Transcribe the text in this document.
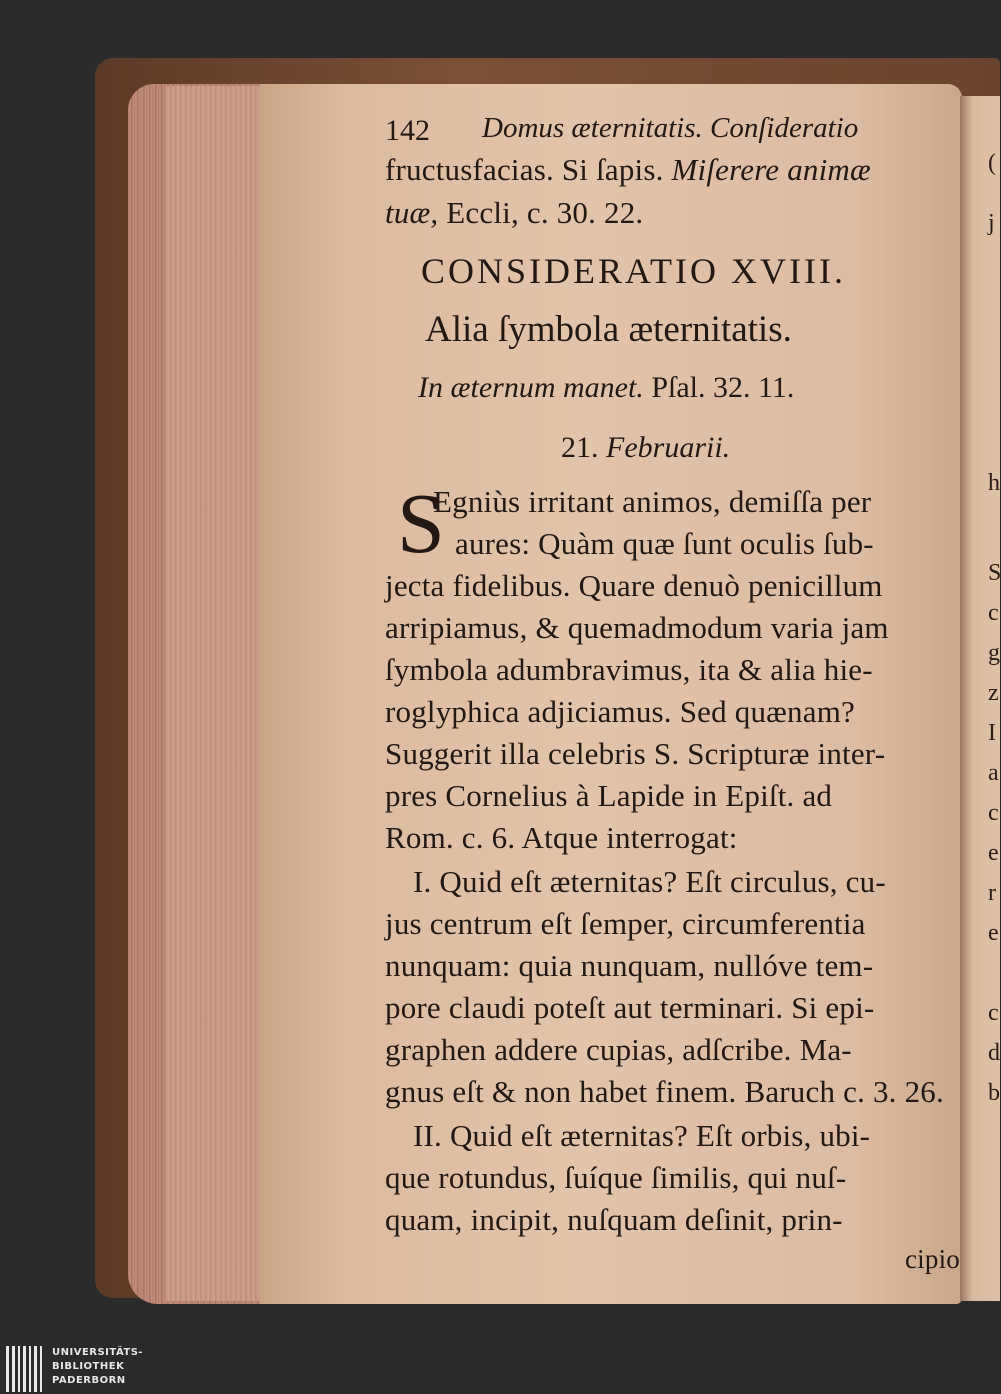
(
j
h
S
c
g
z
I
a
c
e
r
e
c
d
b
142 Domus æternitatis. Conſideratio
fructusfacias. Si ſapis. Miſerere animæ
tuæ, Eccli, c. 30. 22.
CONSIDERATIO XVIII.
Alia ſymbola æternitatis.
In æternum manet. Pſal. 32. 11.
21. Februarii.
S
Egniùs irritant animos, demiſſa per
aures: Quàm quæ ſunt oculis ſub-
jecta fidelibus. Quare denuò penicillum
arripiamus, & quemadmodum varia jam
ſymbola adumbravimus, ita & alia hie-
roglyphica adjiciamus. Sed quænam?
Suggerit illa celebris S. Scripturæ inter-
pres Cornelius à Lapide in Epiſt. ad
Rom. c. 6. Atque interrogat:
I. Quid eſt æternitas? Eſt circulus, cu-
jus centrum eſt ſemper, circumferentia
nunquam: quia nunquam, nullóve tem-
pore claudi poteſt aut terminari. Si epi-
graphen addere cupias, adſcribe. Ma-
gnus eſt & non habet finem. Baruch c. 3. 26.
II. Quid eſt æternitas? Eſt orbis, ubi-
que rotundus, ſuíque ſimilis, qui nuſ-
quam, incipit, nuſquam deſinit, prin-
cipio
UNIVERSITÄTS-
BIBLIOTHEK
PADERBORN
